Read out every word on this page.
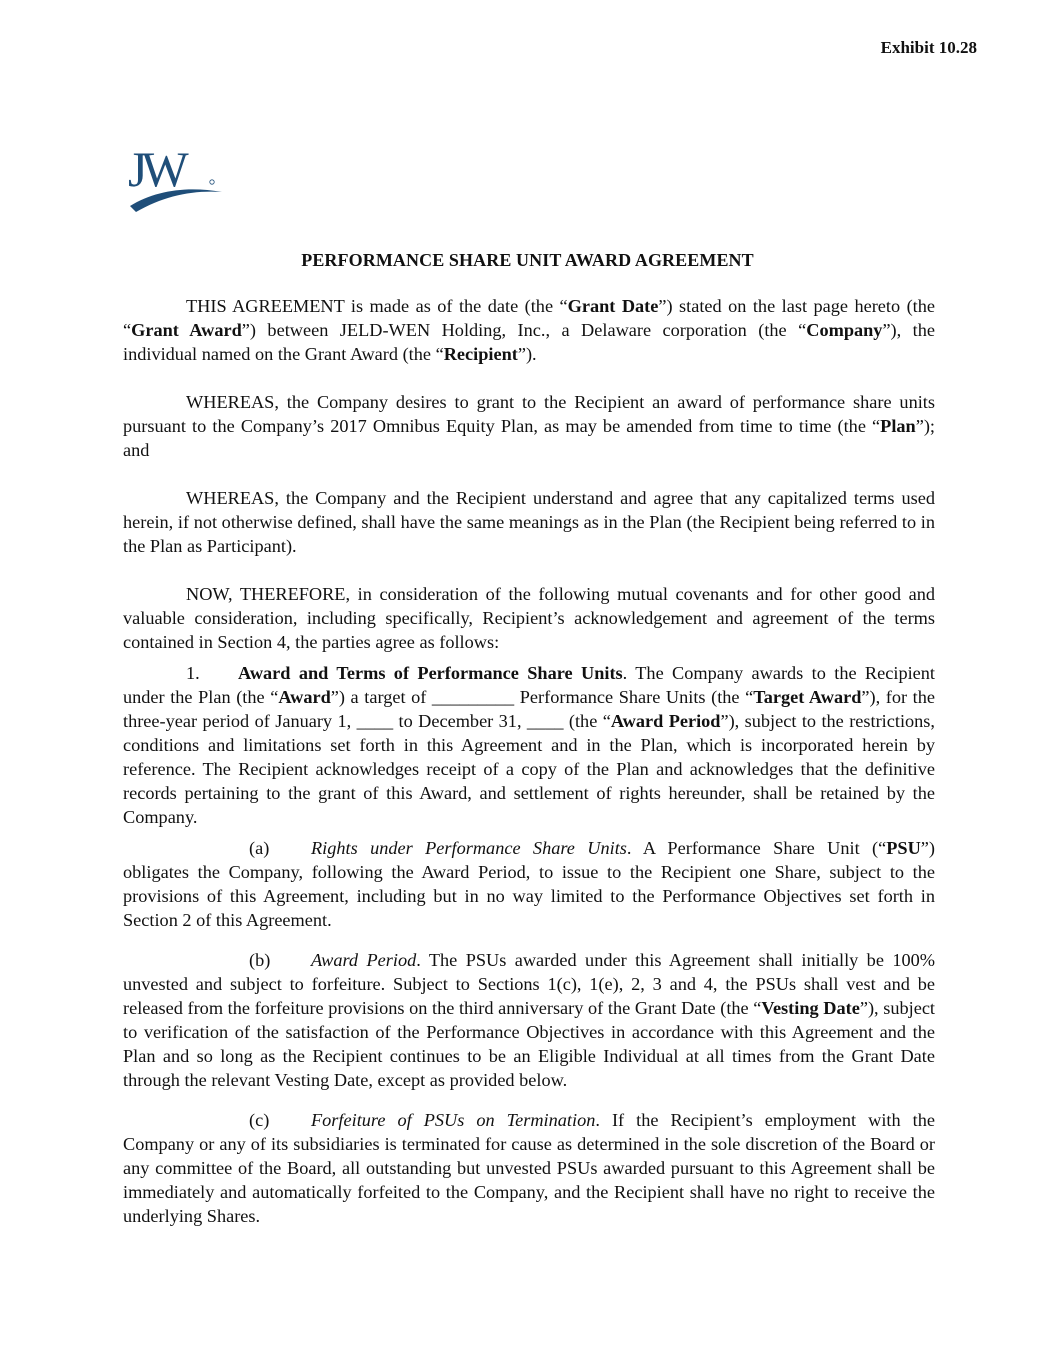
Exhibit 10.28
JW
PERFORMANCE SHARE UNIT AWARD AGREEMENT

THIS AGREEMENT is made as of the date (the “Grant Date”) stated on the last page hereto (the “Grant Award”) between JELD-WEN Holding, Inc., a Delaware corporation (the “Company”), the individual named on the Grant Award (the “Recipient”).

WHEREAS, the Company desires to grant to the Recipient an award of performance share units pursuant to the Company’s 2017 Omnibus Equity Plan, as may be amended from time to time (the “Plan”); and

WHEREAS, the Company and the Recipient understand and agree that any capitalized terms used herein, if not otherwise defined, shall have the same meanings as in the Plan (the Recipient being referred to in the Plan as Participant).

NOW, THEREFORE, in consideration of the following mutual covenants and for other good and valuable consideration, including specifically, Recipient’s acknowledgement and agreement of the terms contained in Section 4, the parties agree as follows:

1. Award and Terms of Performance Share Units. The Company awards to the Recipient under the Plan (the “Award”) a target of _________ Performance Share Units (the “Target Award”), for the three-year period of January 1, ____ to December 31, ____ (the “Award Period”), subject to the restrictions, conditions and limitations set forth in this Agreement and in the Plan, which is incorporated herein by reference. The Recipient acknowledges receipt of a copy of the Plan and acknowledges that the definitive records pertaining to the grant of this Award, and settlement of rights hereunder, shall be retained by the Company.

(a) Rights under Performance Share Units. A Performance Share Unit (“PSU”) obligates the Company, following the Award Period, to issue to the Recipient one Share, subject to the provisions of this Agreement, including but in no way limited to the Performance Objectives set forth in Section 2 of this Agreement.

(b) Award Period. The PSUs awarded under this Agreement shall initially be 100% unvested and subject to forfeiture. Subject to Sections 1(c), 1(e), 2, 3 and 4, the PSUs shall vest and be released from the forfeiture provisions on the third anniversary of the Grant Date (the “Vesting Date”), subject to verification of the satisfaction of the Performance Objectives in accordance with this Agreement and the Plan and so long as the Recipient continues to be an Eligible Individual at all times from the Grant Date through the relevant Vesting Date, except as provided below.

(c) Forfeiture of PSUs on Termination. If the Recipient’s employment with the Company or any of its subsidiaries is terminated for cause as determined in the sole discretion of the Board or any committee of the Board, all outstanding but unvested PSUs awarded pursuant to this Agreement shall be immediately and automatically forfeited to the Company, and the Recipient shall have no right to receive the underlying Shares.
